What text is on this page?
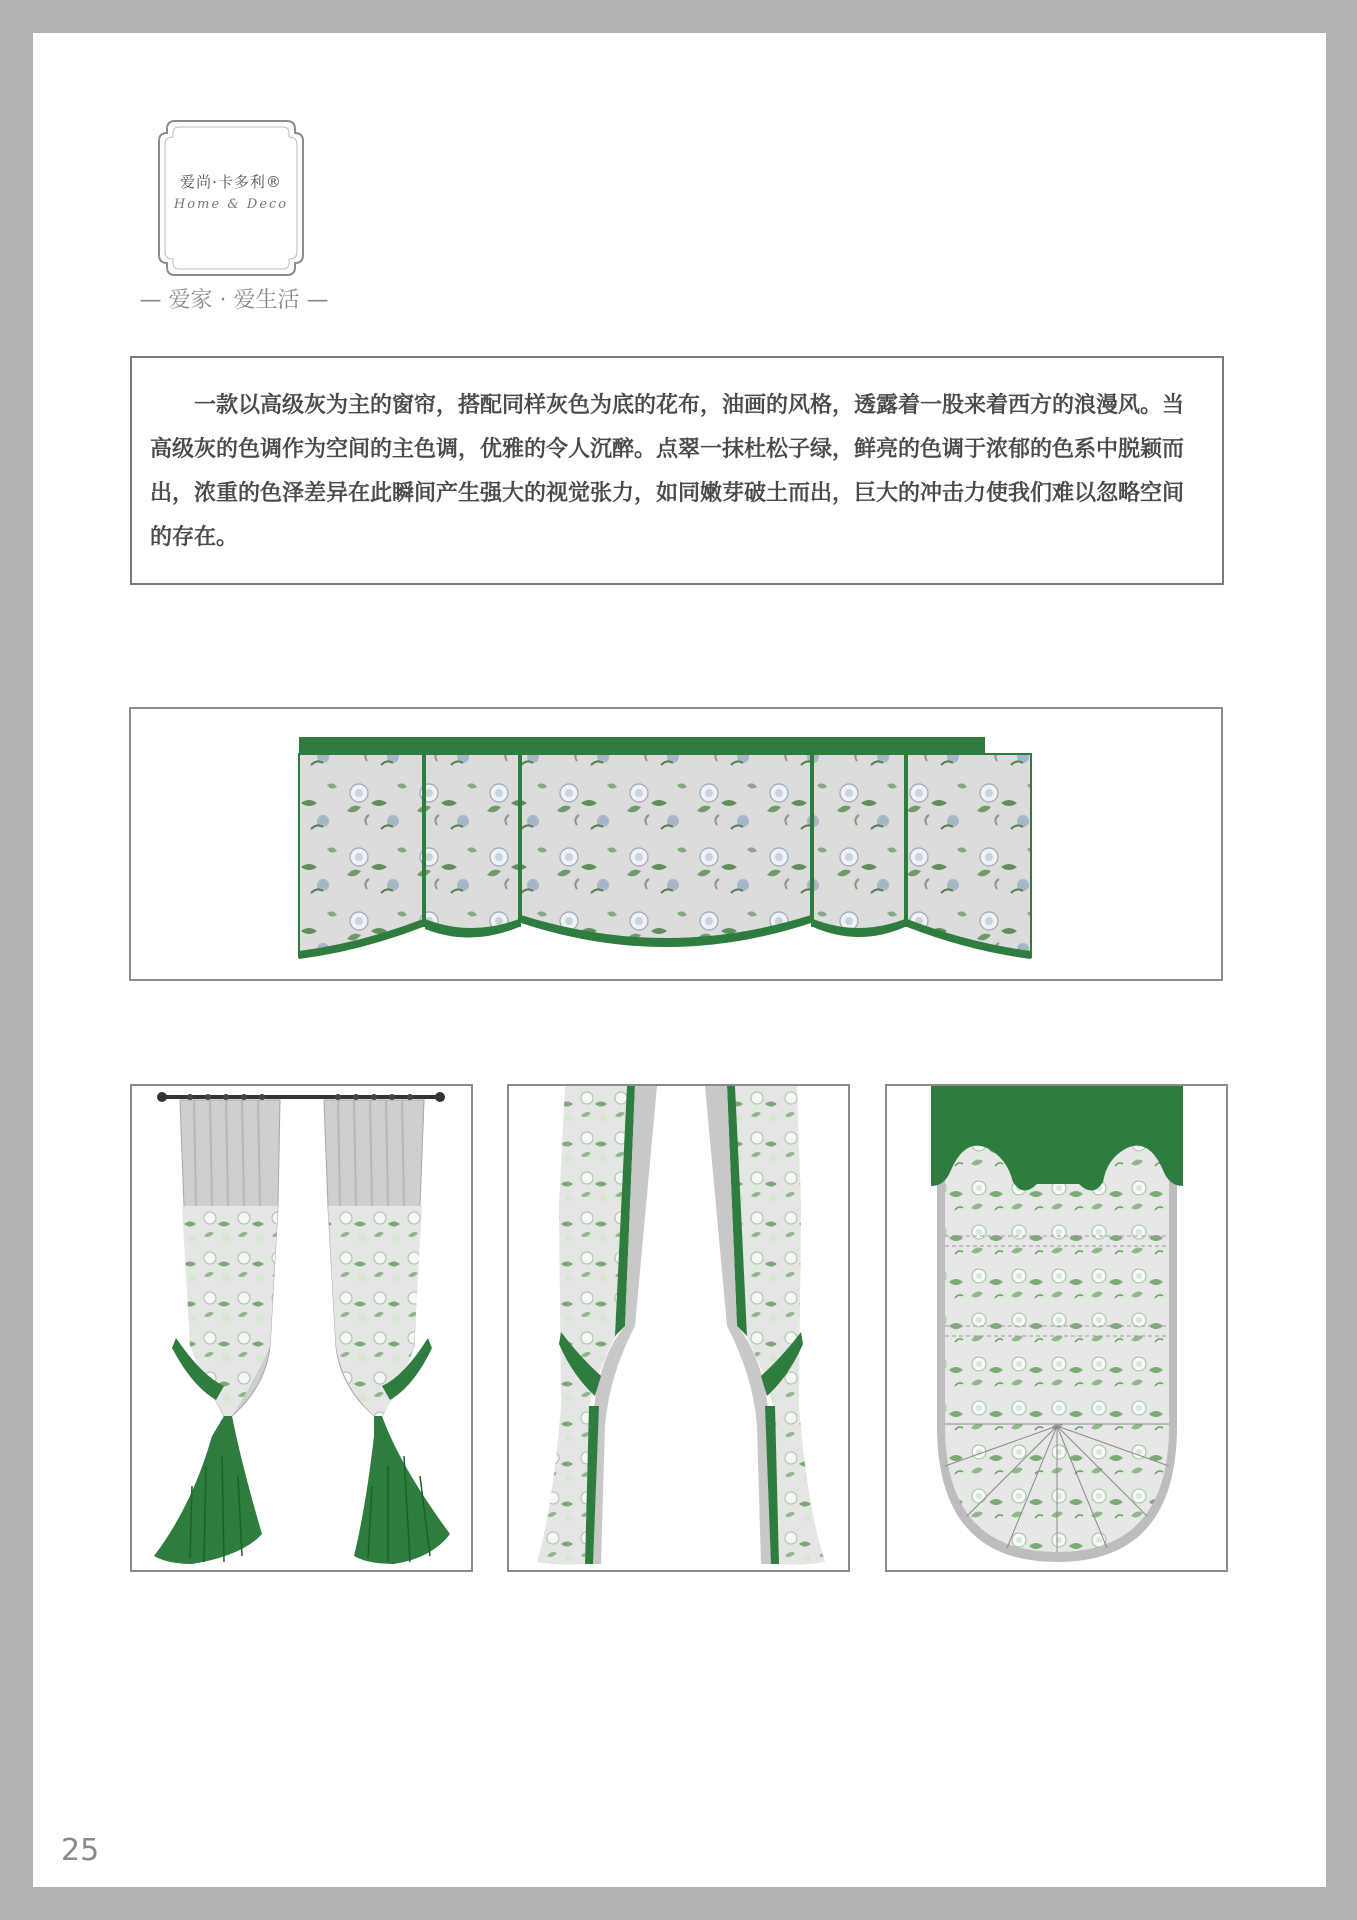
爱尚·卡多利®
Home & Deco
— 爱家 · 爱生活 —

一款以高级灰为主的窗帘，搭配同样灰色为底的花布，油画的风格，透露着一股来着西方的浪漫风。当高级灰的色调作为空间的主色调，优雅的令人沉醉。点翠一抹杜松子绿，鲜亮的色调于浓郁的色系中脱颖而出，浓重的色泽差异在此瞬间产生强大的视觉张力，如同嫩芽破土而出，巨大的冲击力使我们难以忽略空间的存在。

25
